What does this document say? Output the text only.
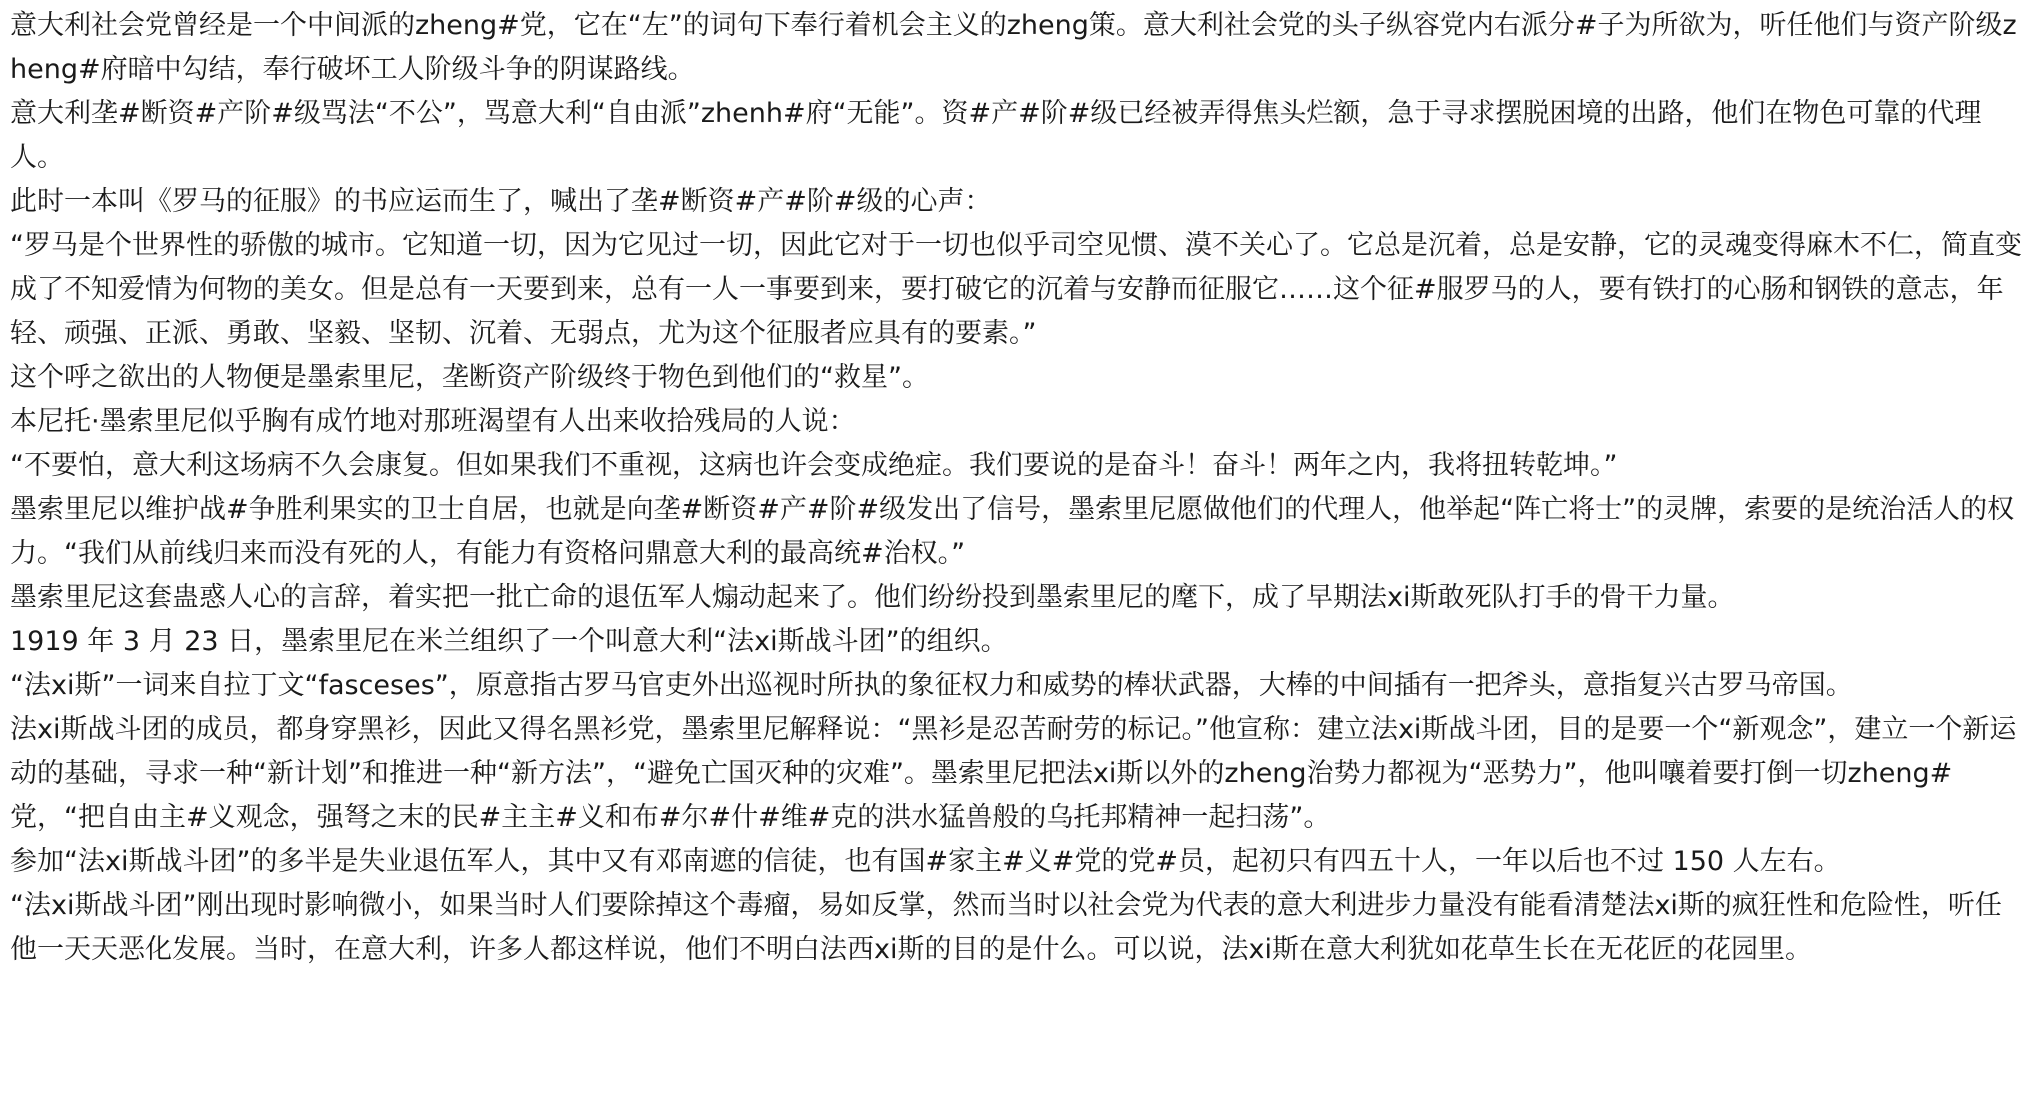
意大利社会党曾经是一个中间派的zheng#党，它在“左”的词句下奉行着机会主义的zheng策。意大利社会党的头子纵容党内右派分#子为所欲为，听任他们与资产阶级zheng#府暗中勾结，奉行破坏工人阶级斗争的阴谋路线。

意大利垄#断资#产阶#级骂法“不公”，骂意大利“自由派”zhenh#府“无能”。资#产#阶#级已经被弄得焦头烂额，急于寻求摆脱困境的出路，他们在物色可靠的代理人。

此时一本叫《罗马的征服》的书应运而生了，喊出了垄#断资#产#阶#级的心声：

“罗马是个世界性的骄傲的城市。它知道一切，因为它见过一切，因此它对于一切也似乎司空见惯、漠不关心了。它总是沉着，总是安静，它的灵魂变得麻木不仁，简直变成了不知爱情为何物的美女。但是总有一天要到来，总有一人一事要到来，要打破它的沉着与安静而征服它……这个征#服罗马的人，要有铁打的心肠和钢铁的意志，年轻、顽强、正派、勇敢、坚毅、坚韧、沉着、无弱点，尤为这个征服者应具有的要素。”

这个呼之欲出的人物便是墨索里尼，垄断资产阶级终于物色到他们的“救星”。

本尼托·墨索里尼似乎胸有成竹地对那班渴望有人出来收拾残局的人说：

“不要怕，意大利这场病不久会康复。但如果我们不重视，这病也许会变成绝症。我们要说的是奋斗！奋斗！两年之内，我将扭转乾坤。”

墨索里尼以维护战#争胜利果实的卫士自居，也就是向垄#断资#产#阶#级发出了信号，墨索里尼愿做他们的代理人，他举起“阵亡将士”的灵牌，索要的是统治活人的权力。“我们从前线归来而没有死的人，有能力有资格问鼎意大利的最高统#治权。”

墨索里尼这套蛊惑人心的言辞，着实把一批亡命的退伍军人煽动起来了。他们纷纷投到墨索里尼的麾下，成了早期法xi斯敢死队打手的骨干力量。

1919 年 3 月 23 日，墨索里尼在米兰组织了一个叫意大利“法xi斯战斗团”的组织。

“法xi斯”一词来自拉丁文“fasceses”，原意指古罗马官吏外出巡视时所执的象征权力和威势的棒状武器，大棒的中间插有一把斧头，意指复兴古罗马帝国。

法xi斯战斗团的成员，都身穿黑衫，因此又得名黑衫党，墨索里尼解释说：“黑衫是忍苦耐劳的标记。”他宣称：建立法xi斯战斗团，目的是要一个“新观念”，建立一个新运动的基础，寻求一种“新计划”和推进一种“新方法”，“避免亡国灭种的灾难”。墨索里尼把法xi斯以外的zheng治势力都视为“恶势力”，他叫嚷着要打倒一切zheng#党，“把自由主#义观念，强弩之末的民#主主#义和布#尔#什#维#克的洪水猛兽般的乌托邦精神一起扫荡”。

参加“法xi斯战斗团”的多半是失业退伍军人，其中又有邓南遮的信徒，也有国#家主#义#党的党#员，起初只有四五十人，一年以后也不过 150 人左右。

“法xi斯战斗团”刚出现时影响微小，如果当时人们要除掉这个毒瘤，易如反掌，然而当时以社会党为代表的意大利进步力量没有能看清楚法xi斯的疯狂性和危险性，听任他一天天恶化发展。当时，在意大利，许多人都这样说，他们不明白法西xi斯的目的是什么。可以说，法xi斯在意大利犹如花草生长在无花匠的花园里。
